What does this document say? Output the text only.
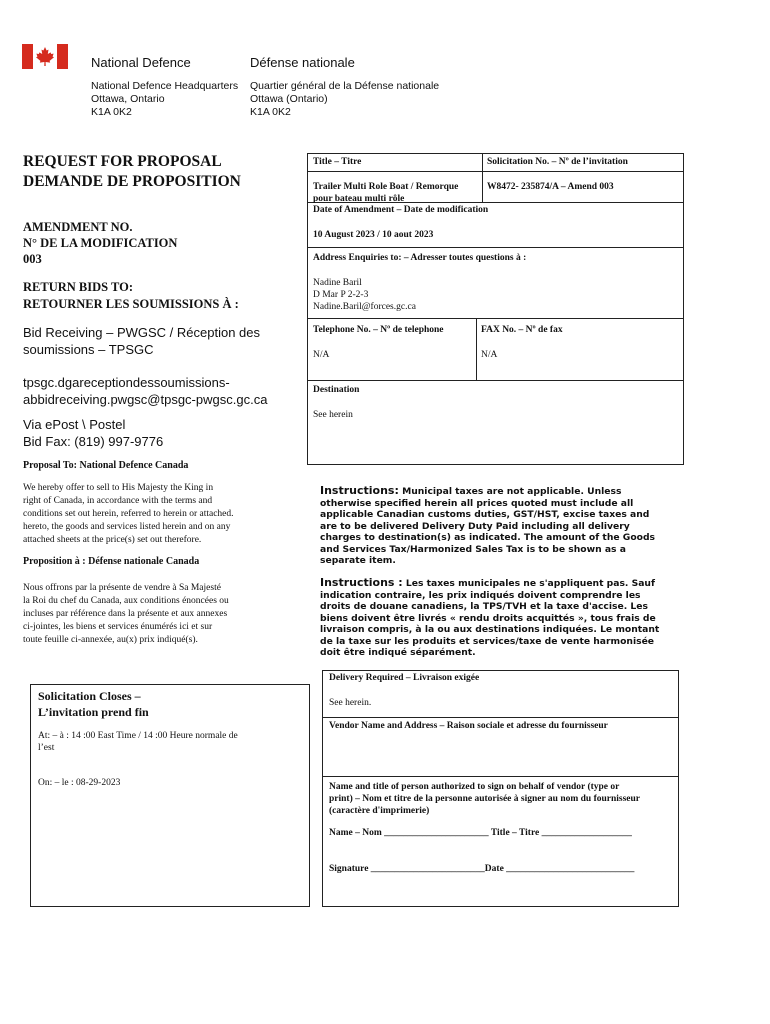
National Defence	Défense nationale
National Defence Headquarters
Ottawa, Ontario
K1A 0K2
Quartier général de la Défense nationale
Ottawa (Ontario)
K1A 0K2
REQUEST FOR PROPOSAL
DEMANDE DE PROPOSITION
AMENDMENT NO.
N° DE LA MODIFICATION
003
RETURN BIDS TO:
RETOURNER LES SOUMISSIONS À :
Bid Receiving – PWGSC / Réception des
soumissions – TPSGC
tpsgc.dgareceptiondessoumissions-
abbidreceiving.pwgsc@tpsgc-pwgsc.gc.ca
Via ePost \ Postel
Bid Fax: (819) 997-9776
Proposal To: National Defence Canada
We hereby offer to sell to His Majesty the King in
right of Canada, in accordance with the terms and
conditions set out herein, referred to herein or attached.
hereto, the goods and services listed herein and on any
attached sheets at the price(s) set out therefore.
Proposition à : Défense nationale Canada
Nous offrons par la présente de vendre à Sa Majesté
la Roi du chef du Canada, aux conditions énoncées ou
incluses par référence dans la présente et aux annexes
ci-jointes, les biens et services énumérés ici et sur
toute feuille ci-annexée, au(x) prix indiqué(s).
Title – Titre	Solicitation No. – Nº de l’invitation
Trailer Multi Role Boat / Remorque
pour bateau multi rôle
W8472- 235874/A – Amend 003
Date of Amendment – Date de modification
10 August 2023 / 10 aout 2023
Address Enquiries to: – Adresser toutes questions à :
Nadine Baril
D Mar P 2-2-3
Nadine.Baril@forces.gc.ca
Telephone No. – Nº de telephone	FAX No. – Nº de fax
N/A	N/A
Destination
See herein
Instructions: Municipal taxes are not applicable. Unless
otherwise specified herein all prices quoted must include all
applicable Canadian customs duties, GST/HST, excise taxes and
are to be delivered Delivery Duty Paid including all delivery
charges to destination(s) as indicated. The amount of the Goods
and Services Tax/Harmonized Sales Tax is to be shown as a
separate item.
Instructions : Les taxes municipales ne s'appliquent pas. Sauf
indication contraire, les prix indiqués doivent comprendre les
droits de douane canadiens, la TPS/TVH et la taxe d'accise. Les
biens doivent être livrés « rendu droits acquittés », tous frais de
livraison compris, à la ou aux destinations indiquées. Le montant
de la taxe sur les produits et services/taxe de vente harmonisée
doit être indiqué séparément.
Solicitation Closes –
L’invitation prend fin
At: – à : 14 :00 East Time / 14 :00 Heure normale de
l’est
On: – le : 08-29-2023
Delivery Required – Livraison exigée
See herein.
Vendor Name and Address – Raison sociale et adresse du fournisseur
Name and title of person authorized to sign on behalf of vendor (type or
print) – Nom et titre de la personne autorisée à signer au nom du fournisseur
(caractère d'imprimerie)
Name – Nom ______________________ Title – Titre ___________________
Signature ________________________Date ___________________________
